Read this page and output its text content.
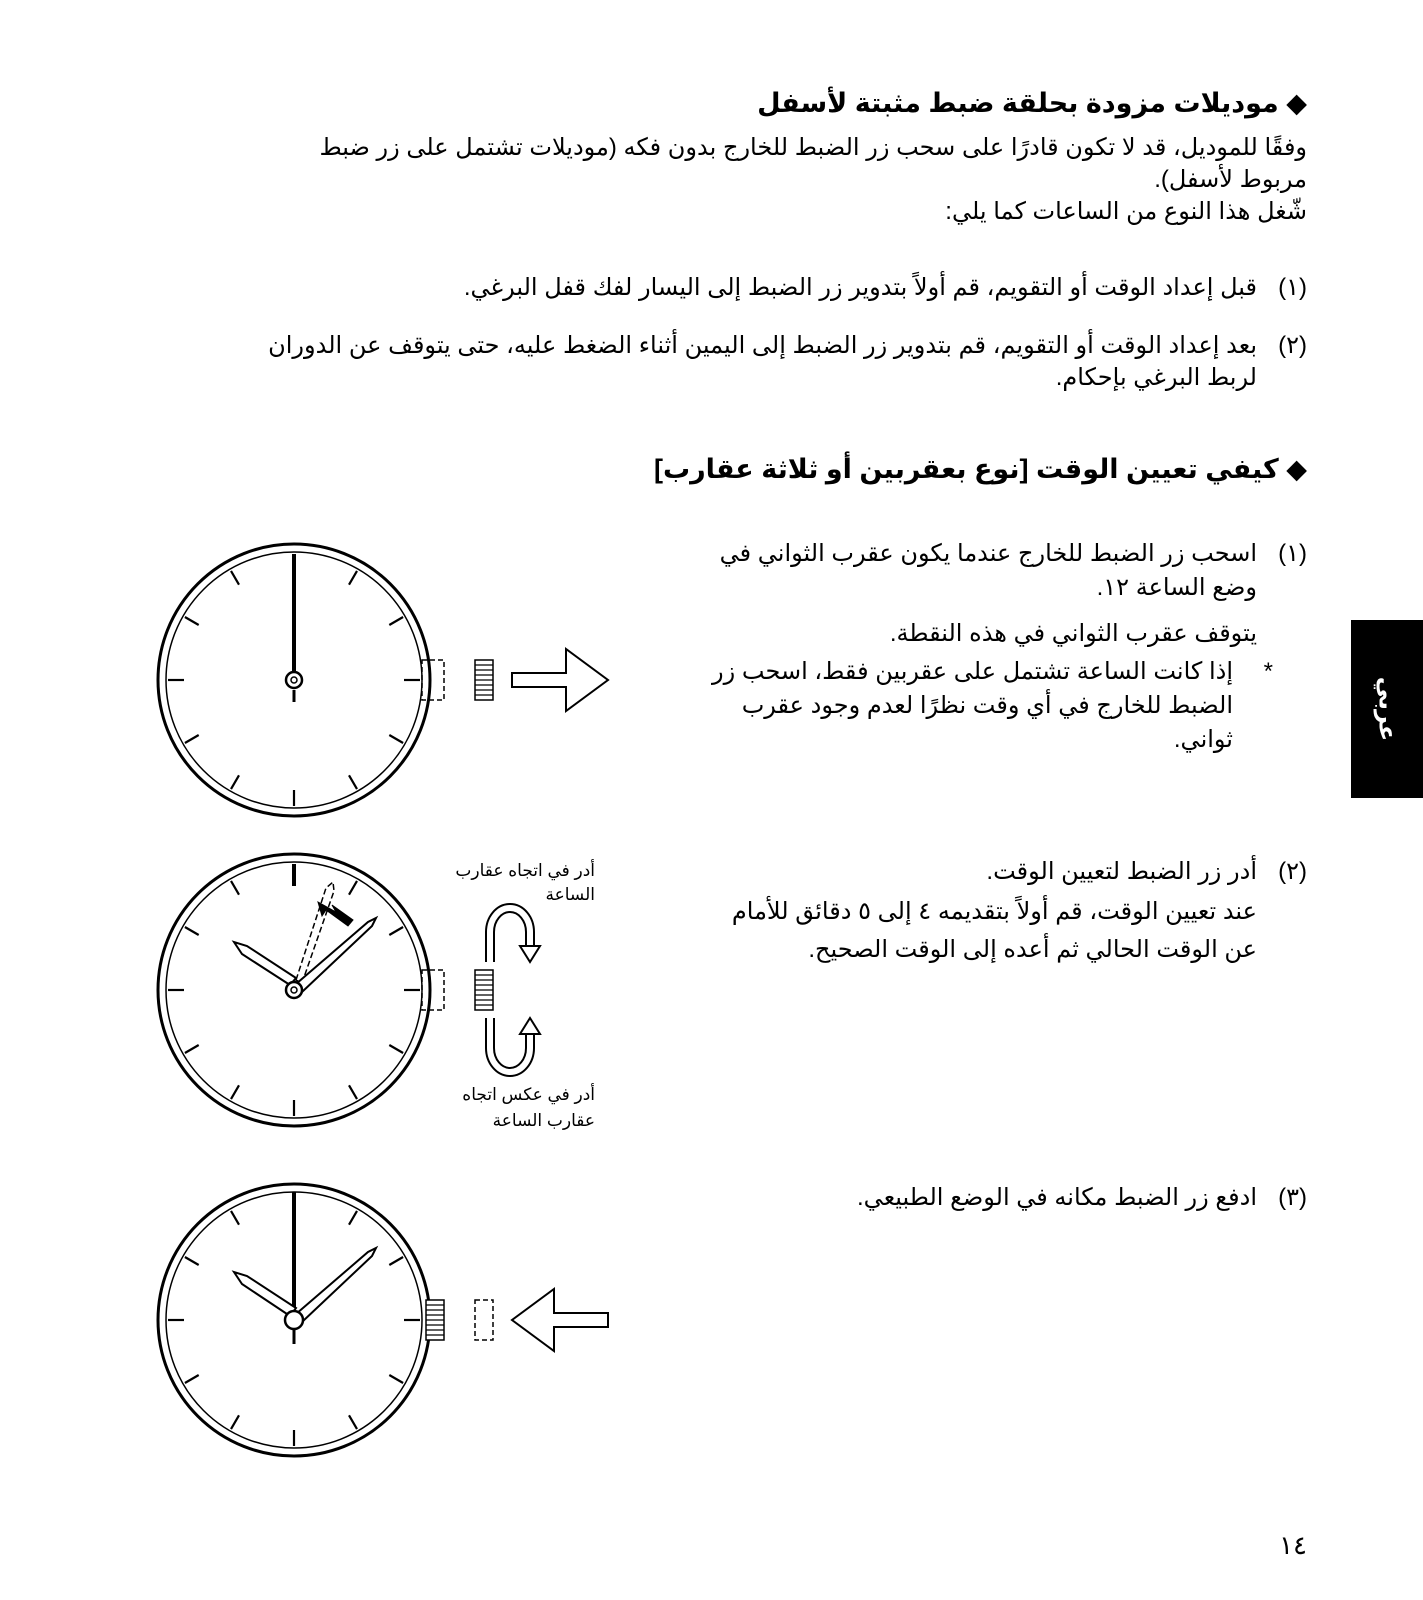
◆ موديلات مزودة بحلقة ضبط مثبتة لأسفل
وفقًا للموديل، قد لا تكون قادرًا على سحب زر الضبط للخارج بدون فكه (موديلات تشتمل على زر ضبط
مربوط لأسفل).
شّغل هذا النوع من الساعات كما يلي:
(١)
قبل إعداد الوقت أو التقويم، قم أولاً بتدوير زر الضبط إلى اليسار لفك قفل البرغي.
(٢)
بعد إعداد الوقت أو التقويم، قم بتدوير زر الضبط إلى اليمين أثناء الضغط عليه، حتى يتوقف عن الدوران
لربط البرغي بإحكام.
◆ كيفي تعيين الوقت [نوع بعقربين أو ثلاثة عقارب]
(١)
اسحب زر الضبط للخارج عندما يكون عقرب الثواني في
وضع الساعة ١٢.
يتوقف عقرب الثواني في هذه النقطة.
*
إذا كانت الساعة تشتمل على عقربين فقط، اسحب زر
الضبط للخارج في أي وقت نظرًا لعدم وجود عقرب
ثواني.
(٢)
أدر زر الضبط لتعيين الوقت.
عند تعيين الوقت، قم أولاً بتقديمه ٤ إلى ٥ دقائق للأمام
عن الوقت الحالي ثم أعده إلى الوقت الصحيح.
(٣)
ادفع زر الضبط مكانه في الوضع الطبيعي.
أدر في اتجاه عقارب
الساعة
أدر في عكس اتجاه
عقارب الساعة
عربي
١٤
